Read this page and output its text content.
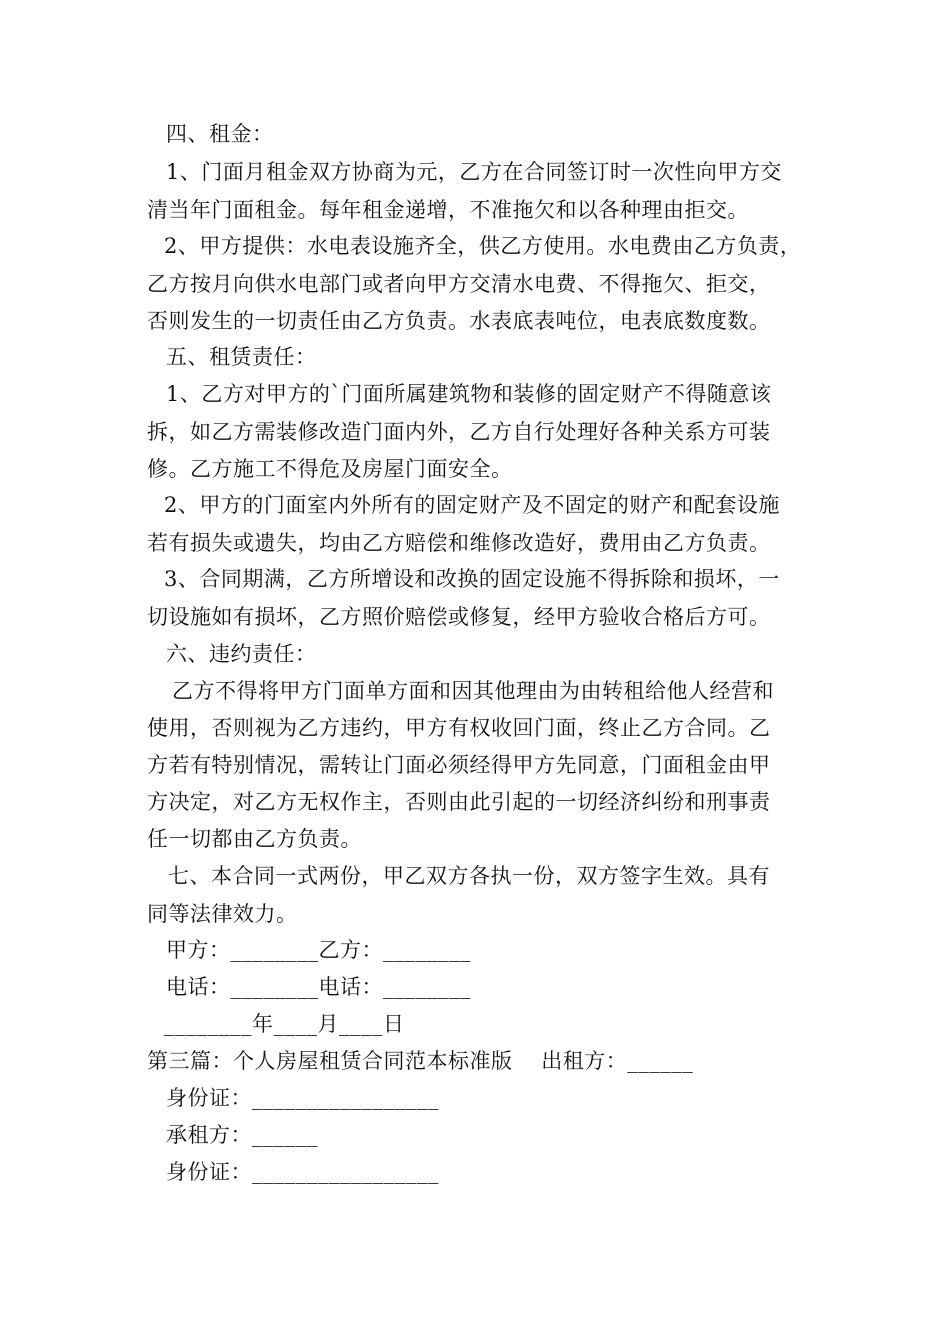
四、租金：
1、门面月租金双方协商为元，乙方在合同签订时一次性向甲方交
清当年门面租金。每年租金递增，不准拖欠和以各种理由拒交。
2、甲方提供：水电表设施齐全，供乙方使用。水电费由乙方负责，
乙方按月向供水电部门或者向甲方交清水电费、不得拖欠、拒交，
否则发生的一切责任由乙方负责。水表底表吨位，电表底数度数。
五、租赁责任：
1、乙方对甲方的`门面所属建筑物和装修的固定财产不得随意该
拆，如乙方需装修改造门面内外，乙方自行处理好各种关系方可装
修。乙方施工不得危及房屋门面安全。
2、甲方的门面室内外所有的固定财产及不固定的财产和配套设施
若有损失或遗失，均由乙方赔偿和维修改造好，费用由乙方负责。
3、合同期满，乙方所增设和改换的固定设施不得拆除和损坏，一
切设施如有损坏，乙方照价赔偿或修复，经甲方验收合格后方可。
六、违约责任：
乙方不得将甲方门面单方面和因其他理由为由转租给他人经营和
使用，否则视为乙方违约，甲方有权收回门面，终止乙方合同。乙
方若有特别情况，需转让门面必须经得甲方先同意，门面租金由甲
方决定，对乙方无权作主，否则由此引起的一切经济纠纷和刑事责
任一切都由乙方负责。
七、本合同一式两份，甲乙双方各执一份，双方签字生效。具有
同等法律效力。
甲方：________乙方：________
电话：________电话：________
________年____月____日
第三篇：个人房屋租赁合同范本标准版    出租方：______
身份证：_________________
承租方：______
身份证：_________________
